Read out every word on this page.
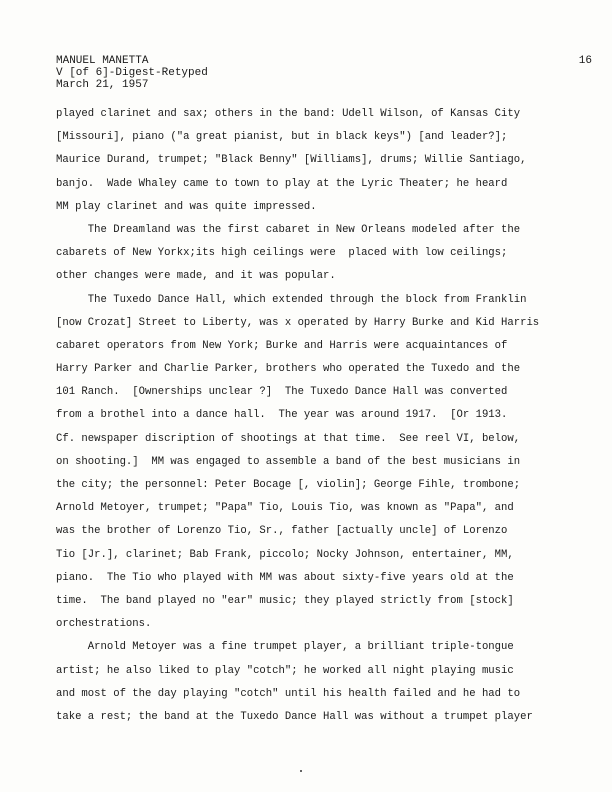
MANUEL MANETTA
V [of 6]-Digest-Retyped
March 21, 1957
16
played clarinet and sax; others in the band: Udell Wilson, of Kansas City
[Missouri], piano ("a great pianist, but in black keys") [and leader?];
Maurice Durand, trumpet; "Black Benny" [Williams], drums; Willie Santiago,
banjo.  Wade Whaley came to town to play at the Lyric Theater; he heard
MM play clarinet and was quite impressed.
The Dreamland was the first cabaret in New Orleans modeled after the
cabarets of New Yorkx;its high ceilings were  placed with low ceilings;
other changes were made, and it was popular.
The Tuxedo Dance Hall, which extended through the block from Franklin
[now Crozat] Street to Liberty, was x operated by Harry Burke and Kid Harris
cabaret operators from New York; Burke and Harris were acquaintances of
Harry Parker and Charlie Parker, brothers who operated the Tuxedo and the
101 Ranch.  [Ownerships unclear ?]  The Tuxedo Dance Hall was converted
from a brothel into a dance hall.  The year was around 1917.  [Or 1913.
Cf. newspaper discription of shootings at that time.  See reel VI, below,
on shooting.]  MM was engaged to assemble a band of the best musicians in
the city; the personnel: Peter Bocage [, violin]; George Fihle, trombone;
Arnold Metoyer, trumpet; "Papa" Tio, Louis Tio, was known as "Papa", and
was the brother of Lorenzo Tio, Sr., father [actually uncle] of Lorenzo
Tio [Jr.], clarinet; Bab Frank, piccolo; Nocky Johnson, entertainer, MM,
piano.  The Tio who played with MM was about sixty-five years old at the
time.  The band played no "ear" music; they played strictly from [stock]
orchestrations.
Arnold Metoyer was a fine trumpet player, a brilliant triple-tongue
artist; he also liked to play "cotch"; he worked all night playing music
and most of the day playing "cotch" until his health failed and he had to
take a rest; the band at the Tuxedo Dance Hall was without a trumpet player
